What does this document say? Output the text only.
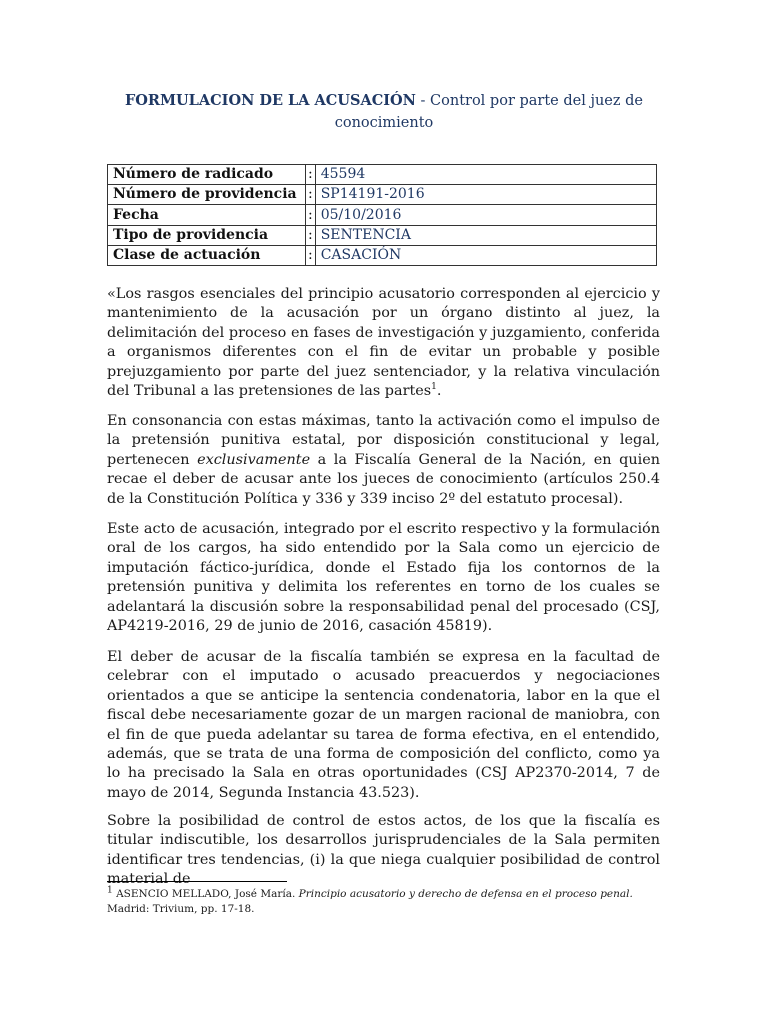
FORMULACION DE LA ACUSACIÓN - Control por parte del juez de conocimiento
Número de radicado	:	45594
Número de providencia	:	SP14191-2016
Fecha	:	05/10/2016
Tipo de providencia	:	SENTENCIA
Clase de actuación	:	CASACIÓN

«Los rasgos esenciales del principio acusatorio corresponden al ejercicio y mantenimiento de la acusación por un órgano distinto al juez, la delimitación del proceso en fases de investigación y juzgamiento, conferida a organismos diferentes con el fin de evitar un probable y posible prejuzgamiento por parte del juez sentenciador, y la relativa vinculación del Tribunal a las pretensiones de las partes$^1$.

En consonancia con estas máximas, tanto la activación como el impulso de la pretensión punitiva estatal, por disposición constitucional y legal, pertenecen exclusivamente a la Fiscalía General de la Nación, en quien recae el deber de acusar ante los jueces de conocimiento (artículos 250.4 de la Constitución Política y 336 y 339 inciso 2º del estatuto procesal).

Este acto de acusación, integrado por el escrito respectivo y la formulación oral de los cargos, ha sido entendido por la Sala como un ejercicio de imputación fáctico-jurídica, donde el Estado fija los contornos de la pretensión punitiva y delimita los referentes en torno de los cuales se adelantará la discusión sobre la responsabilidad penal del procesado (CSJ, AP4219-2016, 29 de junio de 2016, casación 45819).

El deber de acusar de la fiscalía también se expresa en la facultad de celebrar con el imputado o acusado preacuerdos y negociaciones orientados a que se anticipe la sentencia condenatoria, labor en la que el fiscal debe necesariamente gozar de un margen racional de maniobra, con el fin de que pueda adelantar su tarea de forma efectiva, en el entendido, además, que se trata de una forma de composición del conflicto, como ya lo ha precisado la Sala en otras oportunidades (CSJ AP2370-2014, 7 de mayo de 2014, Segunda Instancia 43.523).

Sobre la posibilidad de control de estos actos, de los que la fiscalía es titular indiscutible, los desarrollos jurisprudenciales de la Sala permiten identificar tres tendencias, (i) la que niega cualquier posibilidad de control material de

$^1$ ASENCIO MELLADO, José María. Principio acusatorio y derecho de defensa en el proceso penal. Madrid: Trivium, pp. 17-18.
